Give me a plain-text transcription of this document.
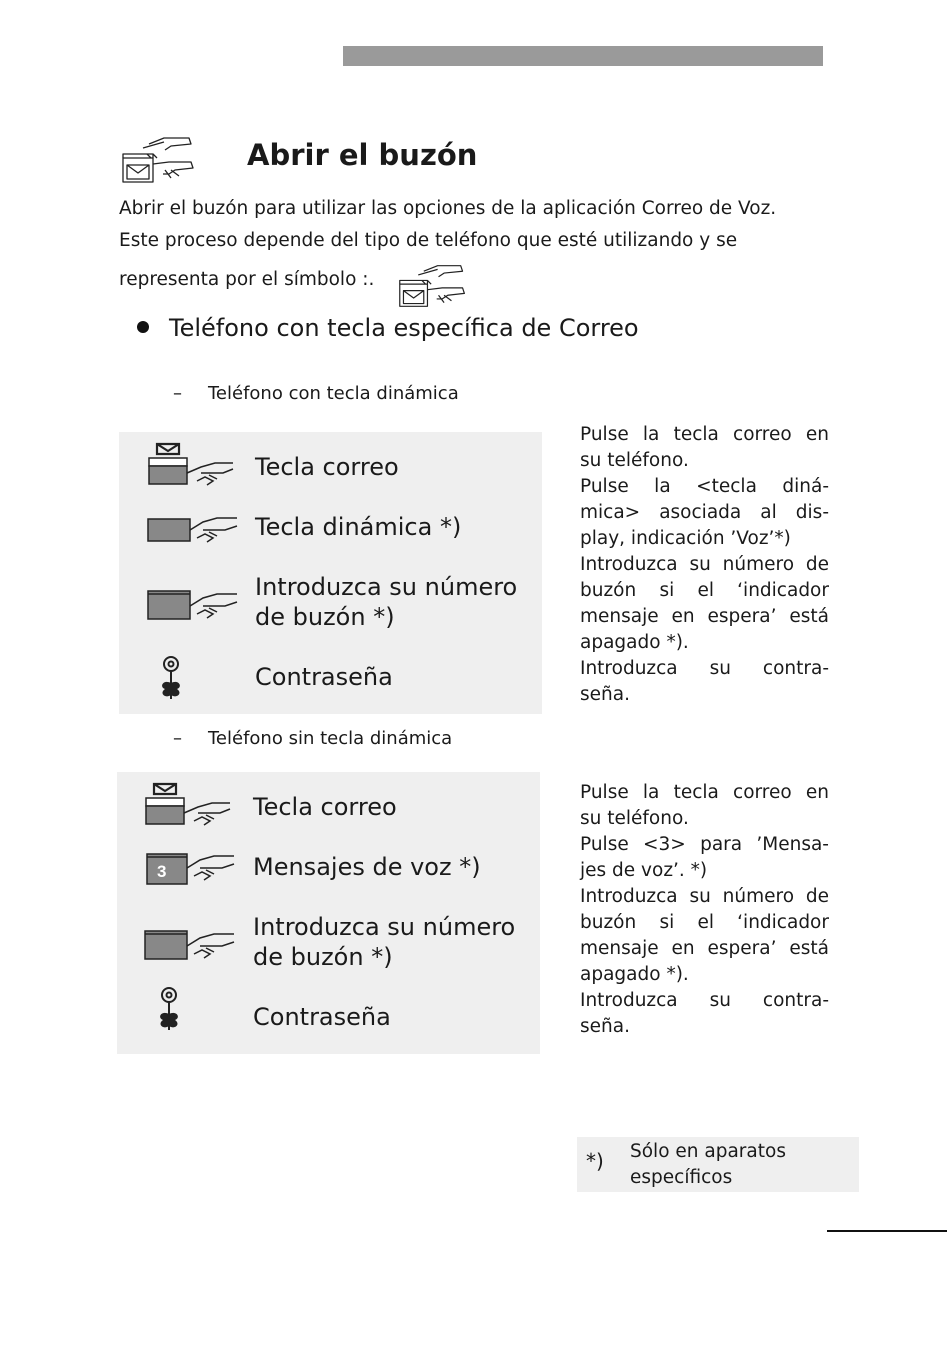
Abrir el buzón
Abrir el buzón para utilizar las opciones de la aplicación Correo de Voz.
Este proceso depende del tipo de teléfono que esté utilizando y se
representa por el símbolo :.
Teléfono con tecla específica de Correo
– Teléfono con tecla dinámica
Tecla correo
Tecla dinámica *)
Introduzca su número
de buzón *)
Contraseña
Pulse la tecla correo en
su teléfono.
Pulse la <tecla diná-
mica> asociada al dis-
play, indicación ’Voz’*)
Introduzca su número de
buzón si el ‘indicador
mensaje en espera’ está
apagado *).
Introduzca su contra-
seña.
– Teléfono sin tecla dinámica
Tecla correo
3	Mensajes de voz *)
Introduzca su número
de buzón *)
Contraseña
Pulse la tecla correo en
su teléfono.
Pulse <3> para ’Mensa-
jes de voz’. *)
Introduzca su número de
buzón si el ‘indicador
mensaje en espera’ está
apagado *).
Introduzca su contra-
seña.
*) Sólo en aparatos
específicos
